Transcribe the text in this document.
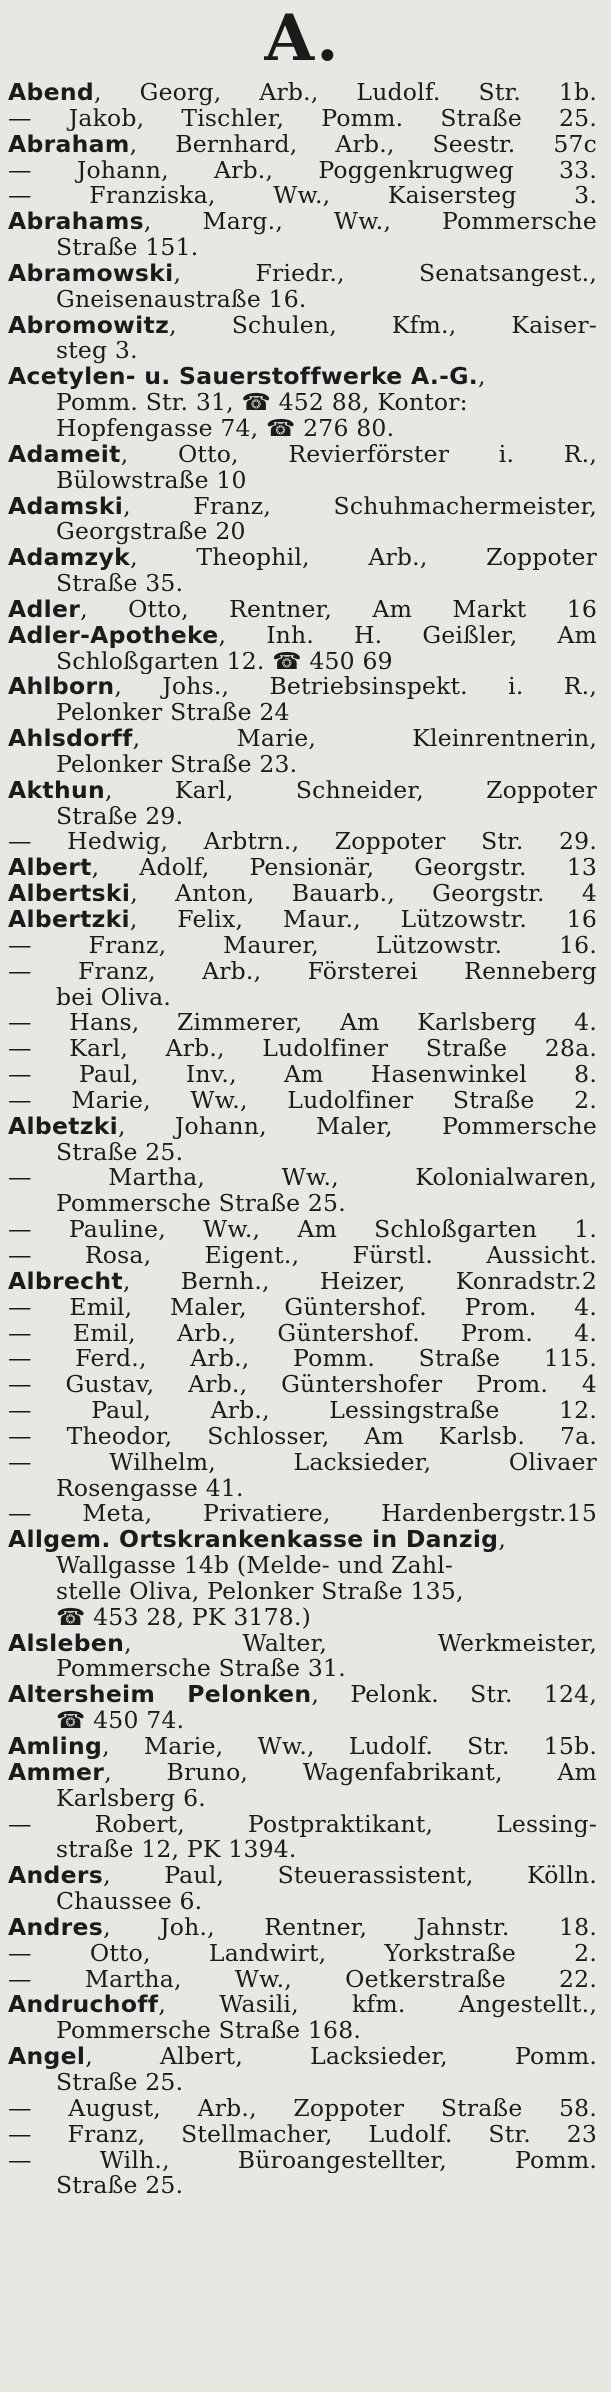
A.
Abend, Georg, Arb., Ludolf. Str. 1b.
— Jakob, Tischler, Pomm. Straße 25.
Abraham, Bernhard, Arb., Seestr. 57c
— Johann, Arb., Poggenkrugweg 33.
— Franziska, Ww., Kaisersteg 3.
Abrahams, Marg., Ww., Pommersche
Straße 151.
Abramowski, Friedr., Senatsangest.,
Gneisenaustraße 16.
Abromowitz, Schulen, Kfm., Kaiser-
steg 3.
Acetylen- u. Sauerstoffwerke A.-G.,
Pomm. Str. 31, ☎ 452 88, Kontor:
Hopfengasse 74, ☎ 276 80.
Adameit, Otto, Revierförster i. R.,
Bülowstraße 10
Adamski, Franz, Schuhmachermeister,
Georgstraße 20
Adamzyk, Theophil, Arb., Zoppoter
Straße 35.
Adler, Otto, Rentner, Am Markt 16
Adler-Apotheke, Inh. H. Geißler, Am
Schloßgarten 12. ☎ 450 69
Ahlborn, Johs., Betriebsinspekt. i. R.,
Pelonker Straße 24
Ahlsdorff, Marie, Kleinrentnerin,
Pelonker Straße 23.
Akthun, Karl, Schneider, Zoppoter
Straße 29.
— Hedwig, Arbtrn., Zoppoter Str. 29.
Albert, Adolf, Pensionär, Georgstr. 13
Albertski, Anton, Bauarb., Georgstr. 4
Albertzki, Felix, Maur., Lützowstr. 16
— Franz, Maurer, Lützowstr. 16.
— Franz, Arb., Försterei Renneberg
bei Oliva.
— Hans, Zimmerer, Am Karlsberg 4.
— Karl, Arb., Ludolfiner Straße 28a.
— Paul, Inv., Am Hasenwinkel 8.
— Marie, Ww., Ludolfiner Straße 2.
Albetzki, Johann, Maler, Pommersche
Straße 25.
— Martha, Ww., Kolonialwaren,
Pommersche Straße 25.
— Pauline, Ww., Am Schloßgarten 1.
— Rosa, Eigent., Fürstl. Aussicht.
Albrecht, Bernh., Heizer, Konradstr.2
— Emil, Maler, Güntershof. Prom. 4.
— Emil, Arb., Güntershof. Prom. 4.
— Ferd., Arb., Pomm. Straße 115.
— Gustav, Arb., Güntershofer Prom. 4
— Paul, Arb., Lessingstraße 12.
— Theodor, Schlosser, Am Karlsb. 7a.
— Wilhelm, Lacksieder, Olivaer
Rosengasse 41.
— Meta, Privatiere, Hardenbergstr.15
Allgem. Ortskrankenkasse in Danzig,
Wallgasse 14b (Melde- und Zahl-
stelle Oliva, Pelonker Straße 135,
☎ 453 28, PK 3178.)
Alsleben, Walter, Werkmeister,
Pommersche Straße 31.
Altersheim Pelonken, Pelonk. Str. 124,
☎ 450 74.
Amling, Marie, Ww., Ludolf. Str. 15b.
Ammer, Bruno, Wagenfabrikant, Am
Karlsberg 6.
— Robert, Postpraktikant, Lessing-
straße 12, PK 1394.
Anders, Paul, Steuerassistent, Kölln.
Chaussee 6.
Andres, Joh., Rentner, Jahnstr. 18.
— Otto, Landwirt, Yorkstraße 2.
— Martha, Ww., Oetkerstraße 22.
Andruchoff, Wasili, kfm. Angestellt.,
Pommersche Straße 168.
Angel, Albert, Lacksieder, Pomm.
Straße 25.
— August, Arb., Zoppoter Straße 58.
— Franz, Stellmacher, Ludolf. Str. 23
— Wilh., Büroangestellter, Pomm.
Straße 25.
